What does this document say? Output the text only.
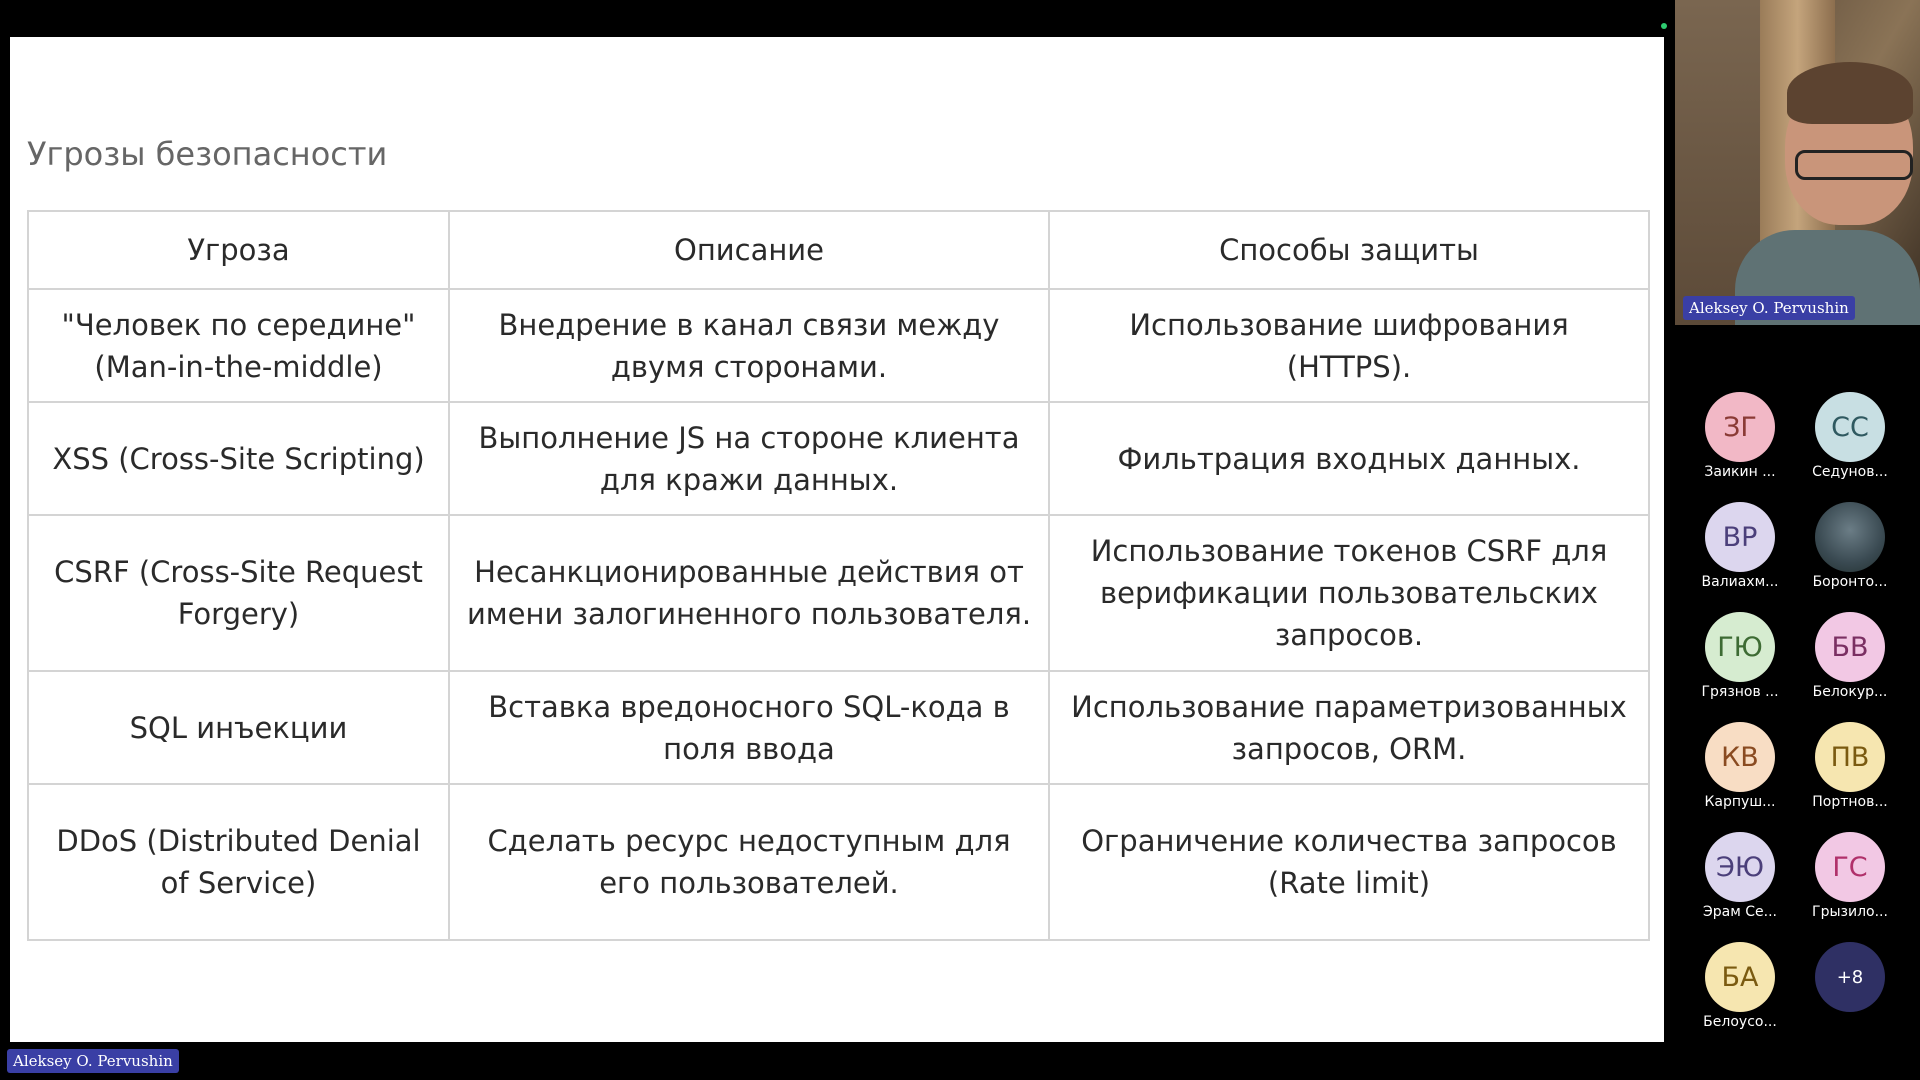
Угрозы безопасности
Угроза	Описание	Способы защиты
"Человек по середине" (Man-in-the-middle)	Внедрение в канал связи между двумя сторонами.	Использование шифрования (HTTPS).
XSS (Cross-Site Scripting)	Выполнение JS на стороне клиента для кражи данных.	Фильтрация входных данных.
CSRF (Cross-Site Request Forgery)	Несанкционированные действия от имени залогиненного пользователя.	Использование токенов CSRF для верификации пользовательских запросов.
SQL инъекции	Вставка вредоносного SQL-кода в поля ввода	Использование параметризованных запросов, ORM.
DDoS (Distributed Denial of Service)	Сделать ресурс недоступным для его пользователей.	Ограничение количества запросов (Rate limit)
Aleksey O. Pervushin
Aleksey O. Pervushin
ЗГ
Заикин ...
СС
Седунов...
ВР
Валиахм...	Боронто...
ГЮ
Грязнов ...
БВ
Белокур...
КВ
Карпуш...
ПВ
Портнов...
ЭЮ
Эрам Се...
ГС
Грызило...
БА
Белоусо...
+8
